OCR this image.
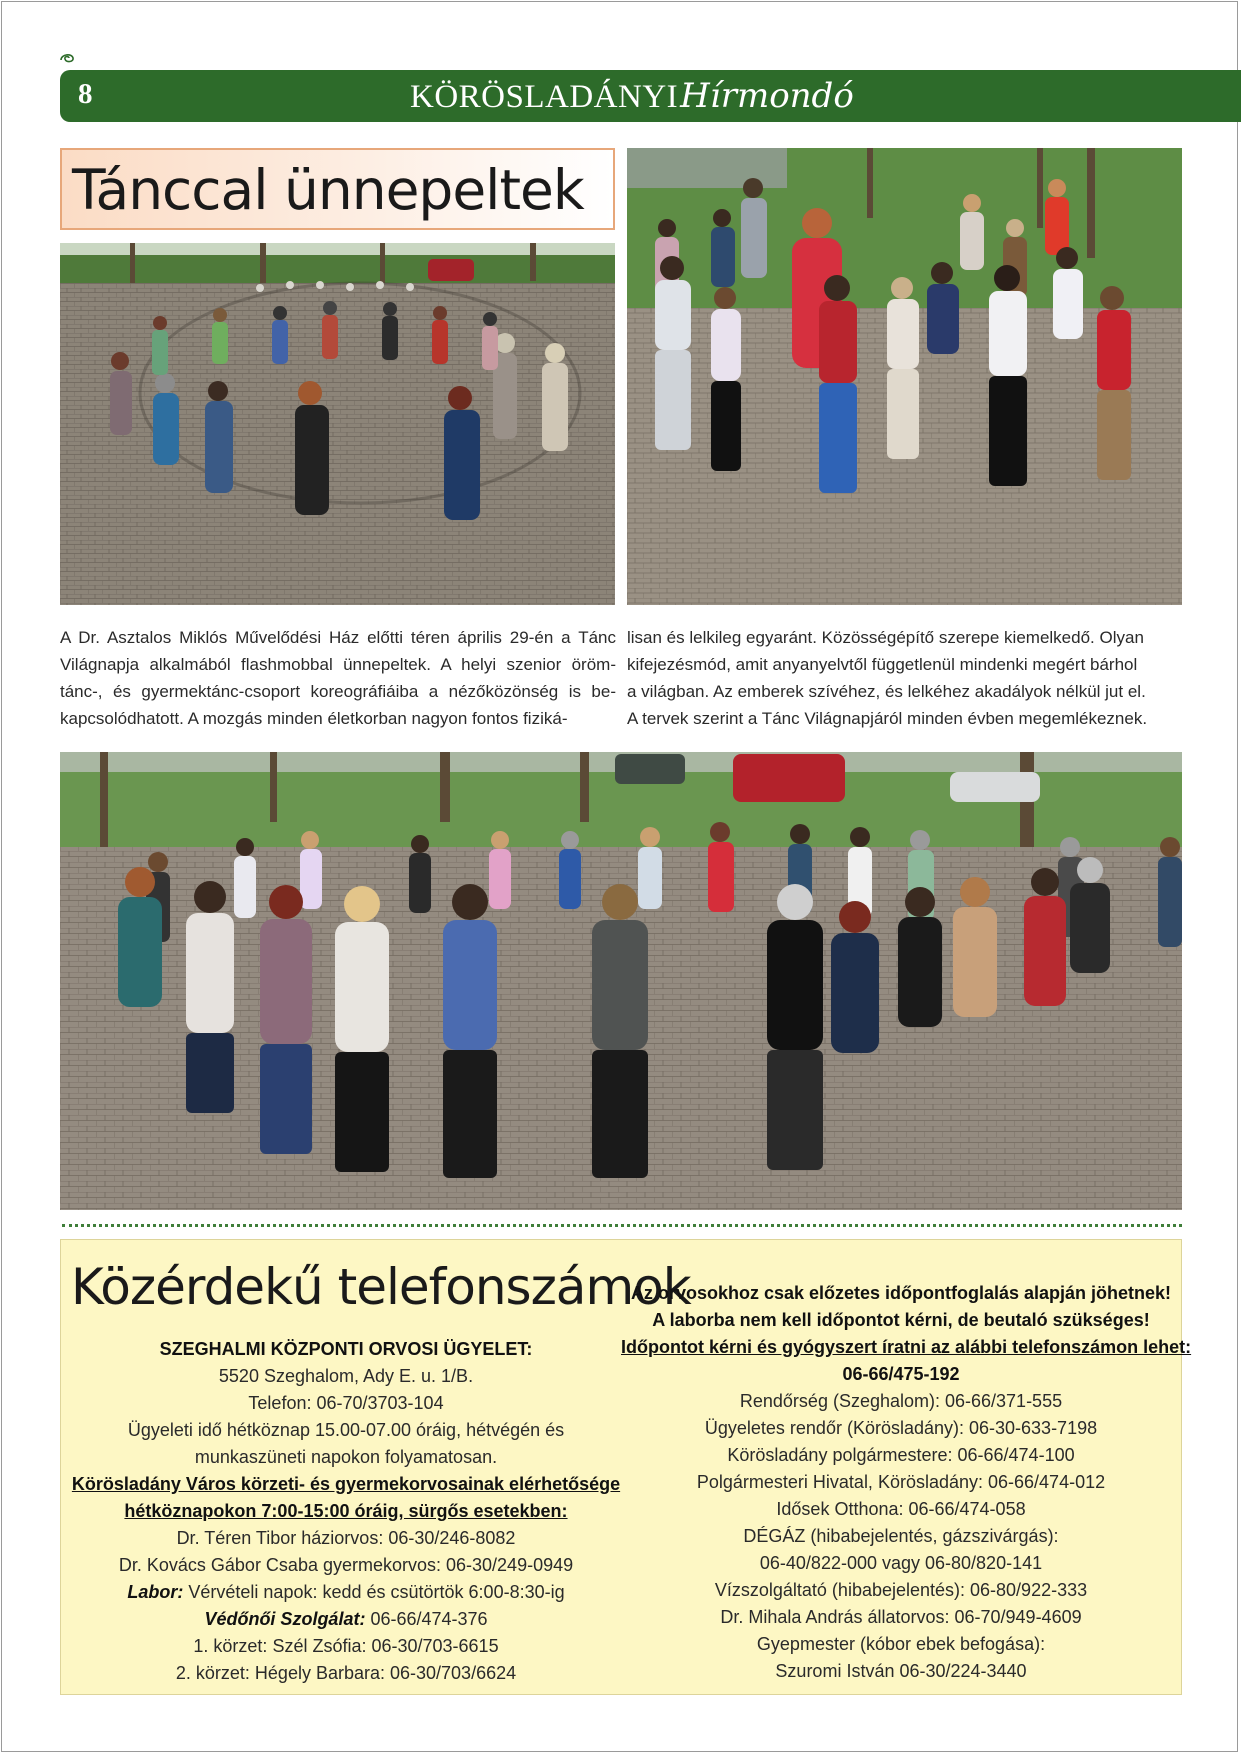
8	KÖRÖSLADÁNYIHírmondó
Tánccal ünnepeltek

A Dr. Asztalos Miklós Művelődési Ház előtti téren április 29-én a Tánc Világnapja alkalmából flashmobbal ünnepeltek. A helyi szenior öröm- tánc-, és gyermektánc-csoport koreográfiáiba a nézőközönség is be- kapcsolódhatott. A mozgás minden életkorban nagyon fontos fiziká-

lisan és lelkileg egyaránt. Közösségépítő szerepe kiemelkedő. Olyan
kifejezésmód, amit anyanyelvtől függetlenül mindenki megért bárhol
a világban. Az emberek szívéhez, és lelkéhez akadályok nélkül jut el.
A tervek szerint a Tánc Világnapjáról minden évben megemlékeznek.

Közérdekű telefonszámok
SZEGHALMI KÖZPONTI ORVOSI ÜGYELET:
5520 Szeghalom, Ady E. u. 1/B.
Telefon: 06-70/3703-104
Ügyeleti idő hétköznap 15.00-07.00 óráig, hétvégén és
munkaszüneti napokon folyamatosan.
Körösladány Város körzeti- és gyermekorvosainak elérhetősége
hétköznapokon 7:00-15:00 óráig, sürgős esetekben:
Dr. Téren Tibor háziorvos: 06-30/246-8082
Dr. Kovács Gábor Csaba gyermekorvos: 06-30/249-0949
Labor: Vérvételi napok: kedd és csütörtök 6:00-8:30-ig
Védőnői Szolgálat: 06-66/474-376
1. körzet: Szél Zsófia: 06-30/703-6615
2. körzet: Hégely Barbara: 06-30/703/6624
Az orvosokhoz csak előzetes időpontfoglalás alapján jöhetnek!
A laborba nem kell időpontot kérni, de beutaló szükséges!
Időpontot kérni és gyógyszert íratni az alábbi telefonszámon lehet:
06-66/475-192
Rendőrség (Szeghalom): 06-66/371-555
Ügyeletes rendőr (Körösladány): 06-30-633-7198
Körösladány polgármestere: 06-66/474-100
Polgármesteri Hivatal, Körösladány: 06-66/474-012
Idősek Otthona: 06-66/474-058
DÉGÁZ (hibabejelentés, gázszivárgás):
06-40/822-000 vagy 06-80/820-141
Vízszolgáltató (hibabejelentés): 06-80/922-333
Dr. Mihala András állatorvos: 06-70/949-4609
Gyepmester (kóbor ebek befogása):
Szuromi István 06-30/224-3440
